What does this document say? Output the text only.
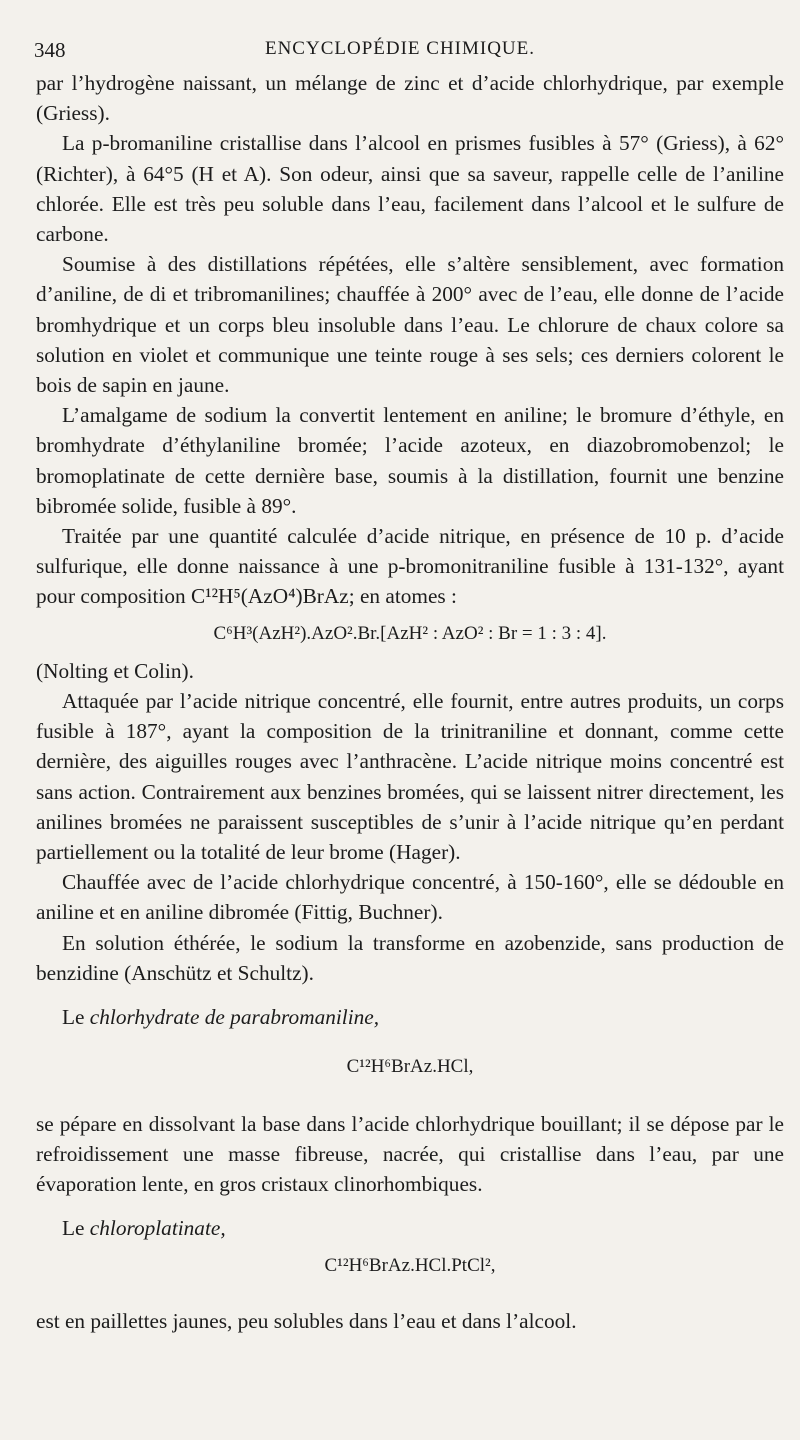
348	ENCYCLOPÉDIE CHIMIQUE.

par l’hydrogène naissant, un mélange de zinc et d’acide chlorhydrique, par exemple (Griess).

La p-bromaniline cristallise dans l’alcool en prismes fusibles à 57° (Griess), à 62° (Richter), à 64°5 (H et A). Son odeur, ainsi que sa saveur, rappelle celle de l’aniline chlorée. Elle est très peu soluble dans l’eau, facilement dans l’alcool et le sulfure de carbone.

Soumise à des distillations répétées, elle s’altère sensiblement, avec formation d’aniline, de di et tribromanilines; chauffée à 200° avec de l’eau, elle donne de l’acide bromhydrique et un corps bleu insoluble dans l’eau. Le chlorure de chaux colore sa solution en violet et communique une teinte rouge à ses sels; ces derniers colorent le bois de sapin en jaune.

L’amalgame de sodium la convertit lentement en aniline; le bromure d’éthyle, en bromhydrate d’éthylaniline bromée; l’acide azoteux, en diazobromobenzol; le bromoplatinate de cette dernière base, soumis à la distillation, fournit une benzine bibromée solide, fusible à 89°.

Traitée par une quantité calculée d’acide nitrique, en présence de 10 p. d’acide sulfurique, elle donne naissance à une p-bromonitraniline fusible à 131-132°, ayant pour composition C¹²H⁵(AzO⁴)BrAz; en atomes :

C⁶H³(AzH²).AzO².Br.[AzH² : AzO² : Br = 1 : 3 : 4].

(Nolting et Colin).

Attaquée par l’acide nitrique concentré, elle fournit, entre autres produits, un corps fusible à 187°, ayant la composition de la trinitraniline et donnant, comme cette dernière, des aiguilles rouges avec l’anthracène. L’acide nitrique moins concentré est sans action. Contrairement aux benzines bromées, qui se laissent nitrer directement, les anilines bromées ne paraissent susceptibles de s’unir à l’acide nitrique qu’en perdant partiellement ou la totalité de leur brome (Hager).

Chauffée avec de l’acide chlorhydrique concentré, à 150-160°, elle se dédouble en aniline et en aniline dibromée (Fittig, Buchner).

En solution éthérée, le sodium la transforme en azobenzide, sans production de benzidine (Anschütz et Schultz).

Le chlorhydrate de parabromaniline,

C¹²H⁶BrAz.HCl,

se pépare en dissolvant la base dans l’acide chlorhydrique bouillant; il se dépose par le refroidissement une masse fibreuse, nacrée, qui cristallise dans l’eau, par une évaporation lente, en gros cristaux clinorhombiques.

Le chloroplatinate,

C¹²H⁶BrAz.HCl.PtCl²,

est en paillettes jaunes, peu solubles dans l’eau et dans l’alcool.
